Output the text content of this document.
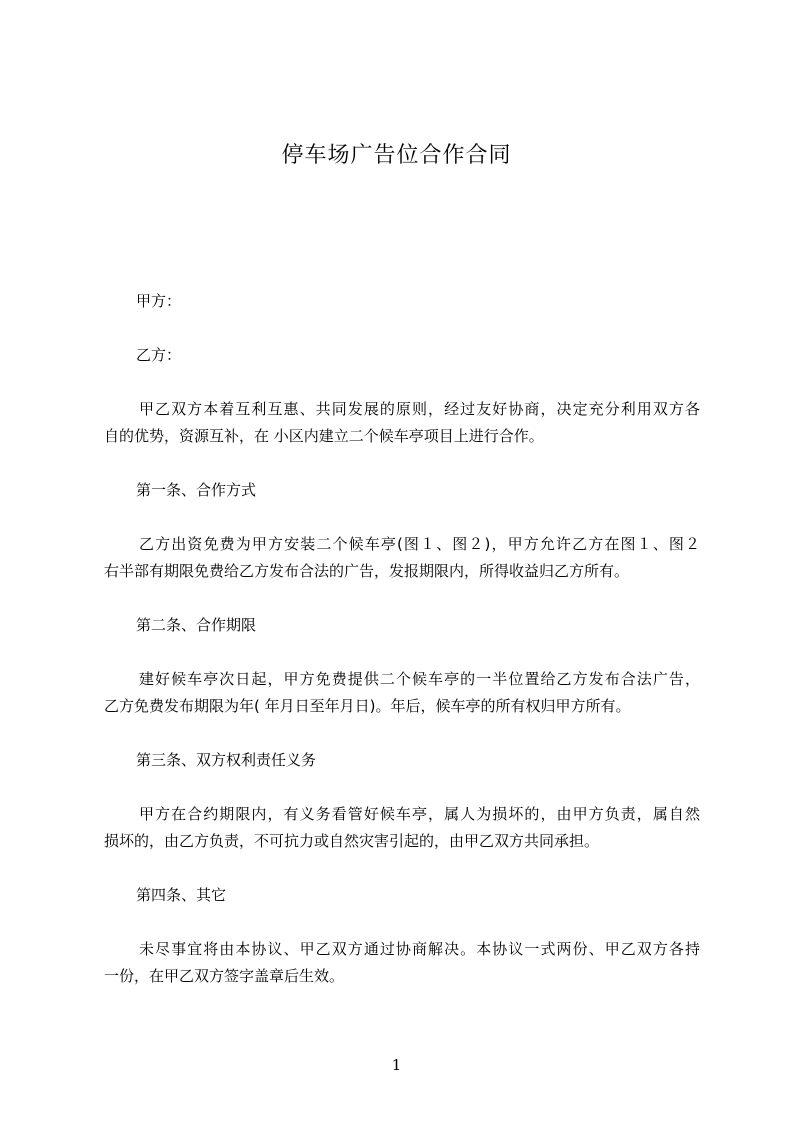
停车场广告位合作合同
甲方：
乙方：
甲乙双方本着互利互惠、共同发展的原则，经过友好协商，决定充分利用双方各
自的优势，资源互补，在 小区内建立二个候车亭项目上进行合作。
第一条、合作方式
乙方出资免费为甲方安装二个候车亭(图１、图２)，甲方允许乙方在图１、图２
右半部有期限免费给乙方发布合法的广告，发报期限内，所得收益归乙方所有。
第二条、合作期限
建好候车亭次日起，甲方免费提供二个候车亭的一半位置给乙方发布合法广告，
乙方免费发布期限为年( 年月日至年月日)。年后，候车亭的所有权归甲方所有。
第三条、双方权利责任义务
甲方在合约期限内，有义务看管好候车亭，属人为损坏的，由甲方负责，属自然
损坏的，由乙方负责，不可抗力或自然灾害引起的，由甲乙双方共同承担。
第四条、其它
未尽事宜将由本协议、甲乙双方通过协商解决。本协议一式两份、甲乙双方各持
一份，在甲乙双方签字盖章后生效。
1
